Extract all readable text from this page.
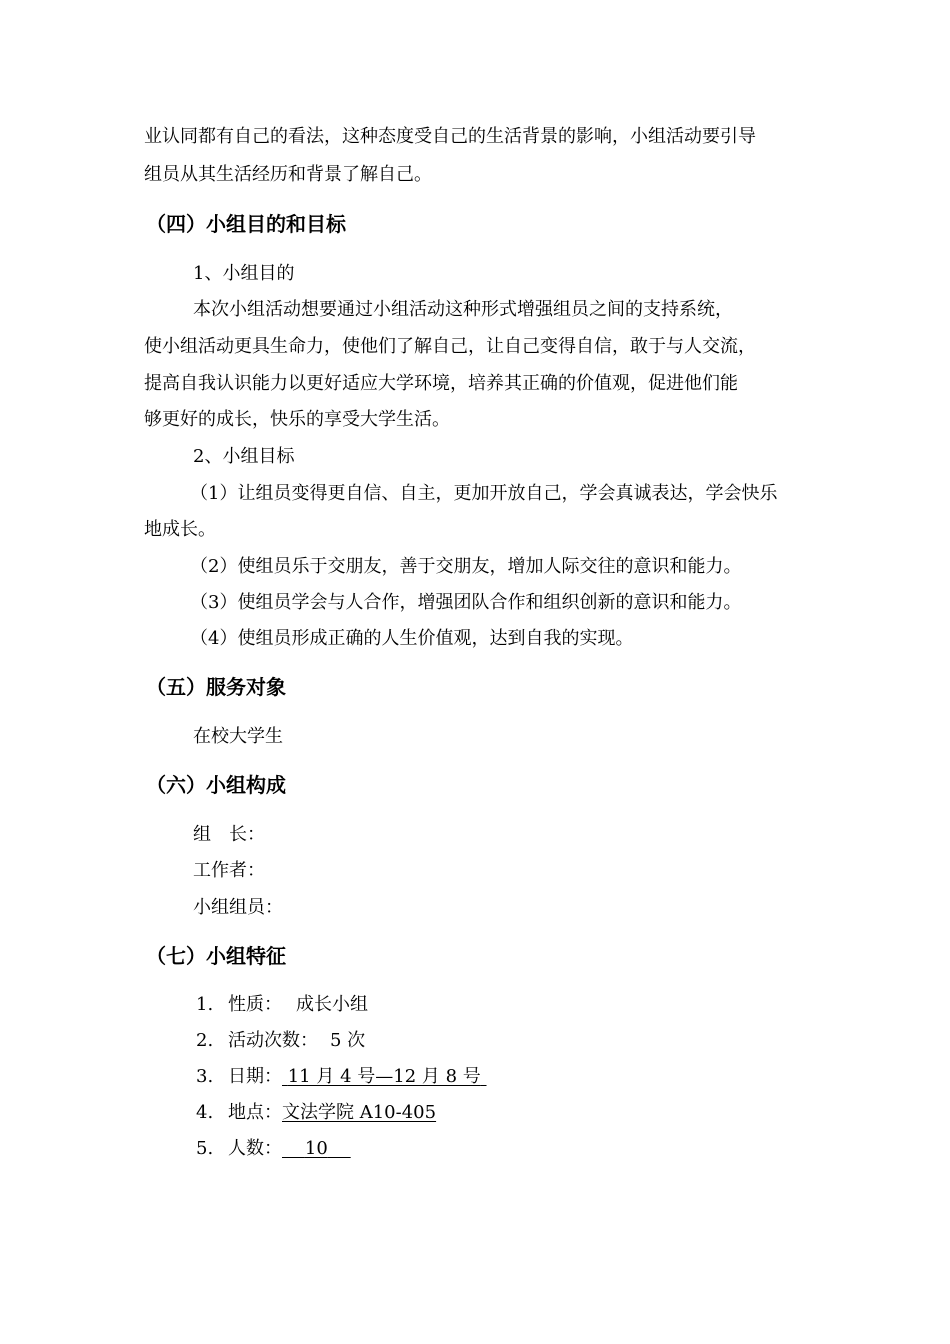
业认同都有自己的看法，这种态度受自己的生活背景的影响，小组活动要引导
组员从其生活经历和背景了解自己。
（四）小组目的和目标
1、小组目的
本次小组活动想要通过小组活动这种形式增强组员之间的支持系统，
使小组活动更具生命力，使他们了解自己，让自己变得自信，敢于与人交流，
提高自我认识能力以更好适应大学环境，培养其正确的价值观，促进他们能
够更好的成长，快乐的享受大学生活。
2、小组目标
（1）让组员变得更自信、自主，更加开放自己，学会真诚表达，学会快乐
地成长。
（2）使组员乐于交朋友，善于交朋友，增加人际交往的意识和能力。
（3）使组员学会与人合作，增强团队合作和组织创新的意识和能力。
（4）使组员形成正确的人生价值观，达到自我的实现。
（五）服务对象
在校大学生
（六）小组构成
组　长：
工作者：
小组组员：
（七）小组特征
1. 性质： 成长小组
2. 活动次数： 5 次
3. 日期： 11 月 4 号—12 月 8 号
4. 地点：文法学院 A10-405
5. 人数： 10
